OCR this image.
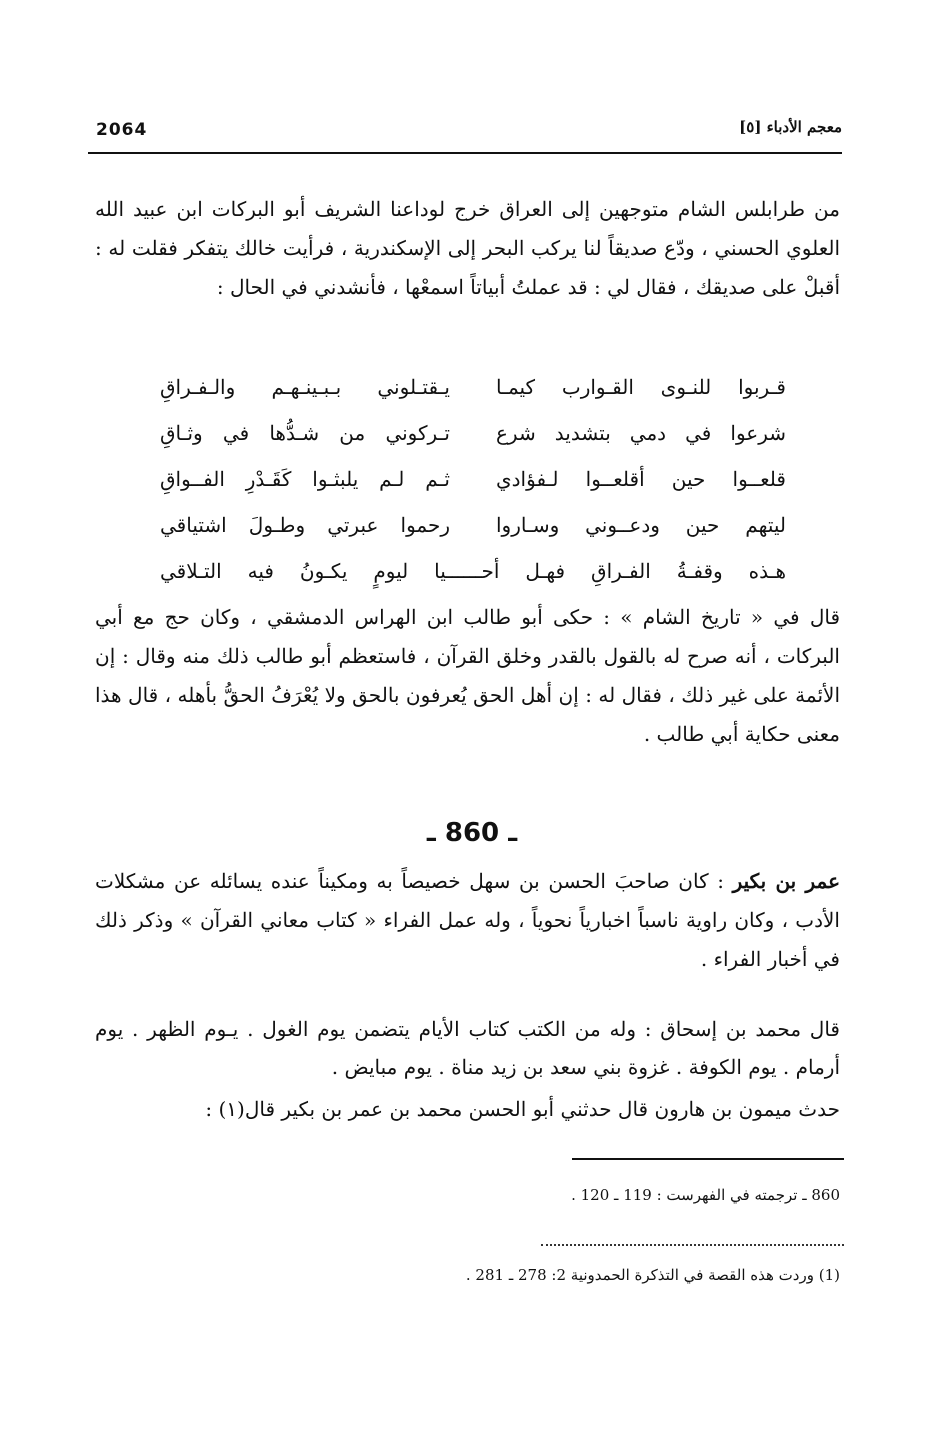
2064	معجم الأدباء [٥]

من طرابلس الشام متوجهين إلى العراق خرج لوداعنا الشريف أبو البركات ابن عبيد الله العلوي الحسني ، ودّع صديقاً لنا يركب البحر إلى الإسكندرية ، فرأيت خالك يتفكر فقلت له : أقبلْ على صديقك ، فقال لي : قد عملتُ أبياتاً اسمعْها ، فأنشدني في الحال :

قـربوا للنـوى القـوارب كيمـا
يـقتـلوني بـبـينـهـم والـفـراقِ
شرعوا في دمي بتشديد شرع
تـركوني من شـدُّها في وثـاقِ
قلعــوا حين أقلعــوا لـفؤادي
ثـم لـم يلبثـوا كَقَـدْرِ الفــواقِ
ليتهم حين ودعــوني وسـاروا
رحموا عبرتي وطـولَ اشتياقي
هـذه وقفـةُ الفـراقِ فهـل أحــــــيا ليومٍ يكـونُ فيه التـلاقي

قال في « تاريخ الشام » : حكى أبو طالب ابن الهراس الدمشقي ، وكان حج مع أبي البركات ، أنه صرح له بالقول بالقدر وخلق القرآن ، فاستعظم أبو طالب ذلك منه وقال : إن الأئمة على غير ذلك ، فقال له : إن أهل الحق يُعرفون بالحق ولا يُعْرَفُ الحقُّ بأهله ، قال هذا معنى حكاية أبي طالب .

ـ 860 ـ

عمر بن بكير : كان صاحبَ الحسن بن سهل خصيصاً به ومكيناً عنده يسائله عن مشكلات الأدب ، وكان راوية ناسباً اخبارياً نحوياً ، وله عمل الفراء « كتاب معاني القرآن » وذكر ذلك في أخبار الفراء .

قال محمد بن إسحاق : وله من الكتب كتاب الأيام يتضمن يوم الغول . يـوم الظهر . يوم أرمام . يوم الكوفة . غزوة بني سعد بن زيد مناة . يوم مبايض .

حدث ميمون بن هارون قال حدثني أبو الحسن محمد بن عمر بن بكير قال(١) :

860 ـ ترجمته في الفهرست : 119 ـ 120 .
(1) وردت هذه القصة في التذكرة الحمدونية 2: 278 ـ 281 .
